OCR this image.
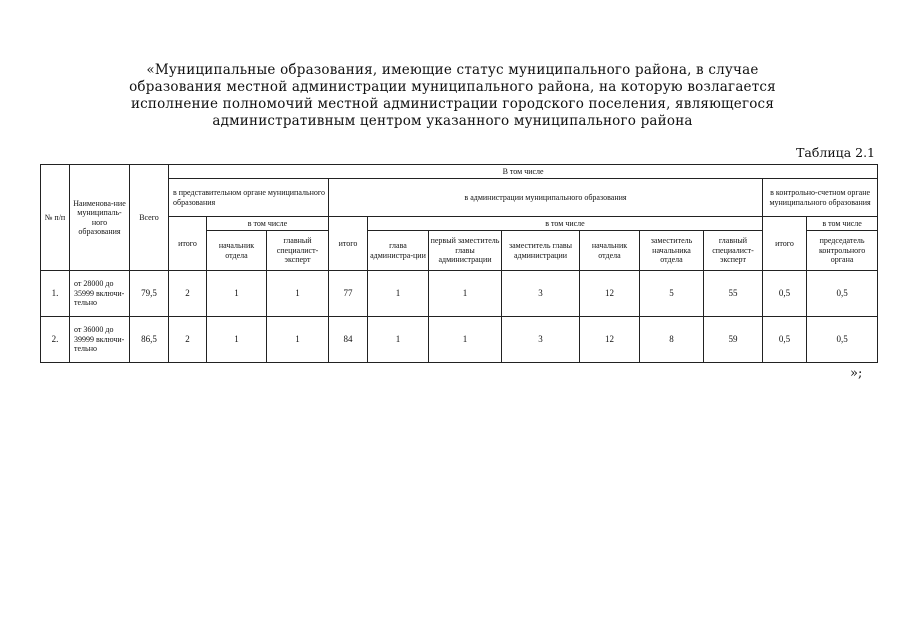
«Муниципальные образования, имеющие статус муниципального района, в случае
образования местной администрации муниципального района, на которую возлагается
исполнение полномочий местной администрации городского поселения, являющегося
административным центром указанного муниципального района
Таблица 2.1
№ п/п	Наименова-ние муниципаль-ного образования	Всего	В том числе											
			в представительном органе муниципального образования			в администрации муниципального образования							в контрольно-счетном органе муниципального образования	
			итого	в том числе		итого	в том числе						итого	в том числе
				начальник отдела	главный специалист-эксперт		глава администра-ции	первый заместитель главы администрации	заместитель главы администрации	начальник отдела	заместитель начальника отдела	главный специалист-эксперт		председатель контрольного органа
1.	от 28000 до 35999 включи-тельно	79,5	2	1	1	77	1	1	3	12	5	55	0,5	0,5
2.	от 36000 до 39999 включи-тельно	86,5	2	1	1	84	1	1	3	12	8	59	0,5	0,5
»;
